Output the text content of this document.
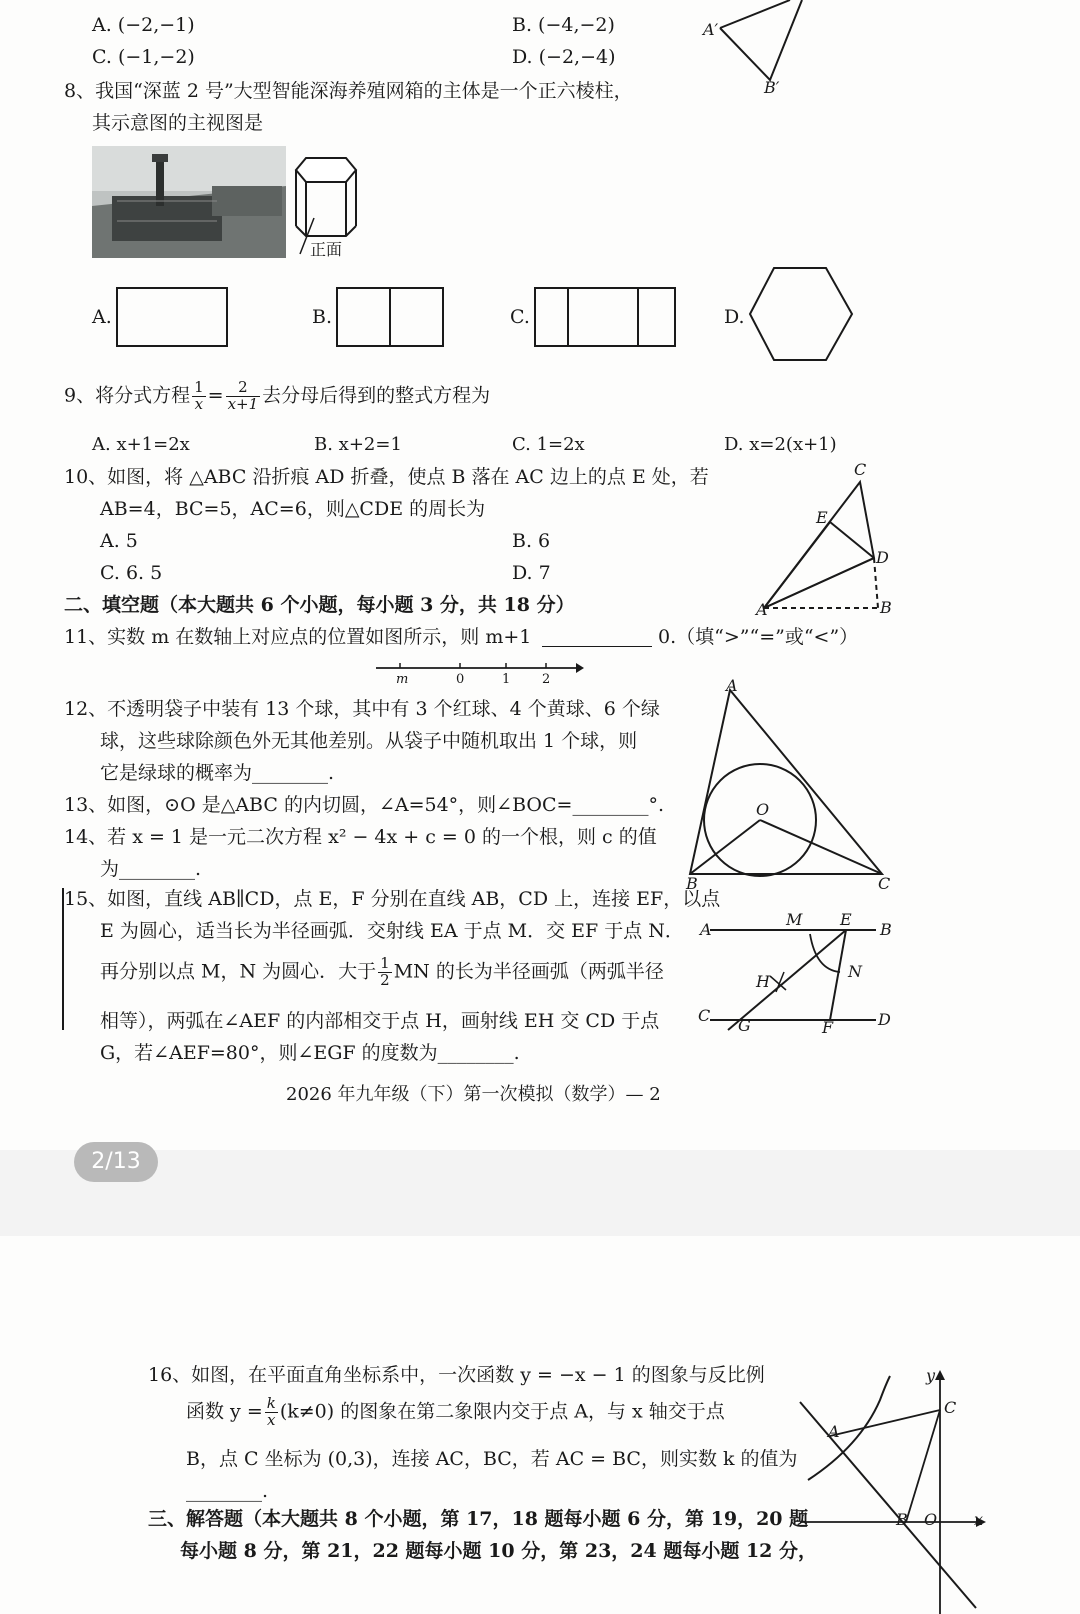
A. (−2,−1)	B. (−4,−2)
C. (−1,−2)	D. (−2,−4)
A′
B′
8、我国“深蓝 2 号”大型智能深海养殖网箱的主体是一个正六棱柱，
其示意图的主视图是
正面
A.	B.	C.	D.
9、将分式方程 $\frac{1}{x} = \frac{2}{x+1}$ 去分母后得到的整式方程为
A. x+1=2x	B. x+2=1	C. 1=2x	D. x=2(x+1)
10、如图，将 △ABC 沿折痕 AD 折叠，使点 B 落在 AC 边上的点 E 处，若
AB=4，BC=5，AC=6，则△CDE 的周长为
A. 5	B. 6
C. 6. 5	D. 7
C
E
D
A	B
二、填空题（本大题共 6 个小题，每小题 3 分，共 18 分）
11、实数 m 在数轴上对应点的位置如图所示，则 m+1	0.（填“>”“=”或“<”）
m	0	1 2
12、不透明袋子中装有 13 个球，其中有 3 个红球、4 个黄球、6 个绿
球，这些球除颜色外无其他差别。从袋子中随机取出 1 个球，则
它是绿球的概率为________.
13、如图，⊙O 是△ABC 的内切圆，∠A=54°，则∠BOC=________°.
14、若 x = 1 是一元二次方程 x² − 4x + c = 0 的一个根，则 c 的值
为________.
A
O
B	C
15、如图，直线 AB∥CD，点 E，F 分别在直线 AB，CD 上，连接 EF，以点
E 为圆心，适当长为半径画弧．交射线 EA 于点 M．交 EF 于点 N．
再分别以点 M，N 为圆心．大于 $\frac{1}{2}$ MN 的长为半径画弧（两弧半径
相等），两弧在∠AEF 的内部相交于点 H，画射线 EH 交 CD 于点
G，若∠AEF=80°，则∠EGF 的度数为________.
A
M E
B
H
N
C
G	F	D
2026 年九年级（下）第一次模拟（数学）— 2
2/13
16、如图，在平面直角坐标系中，一次函数 y = −x − 1 的图象与反比例
函数 $y = \frac{k}{x} (k\ne 0)$ 的图象在第二象限内交于点 A，与 x 轴交于点
B，点 C 坐标为 (0,3)，连接 AC，BC，若 AC = BC，则实数 k 的值为
________.
三、解答题（本大题共 8 个小题，第 17，18 题每小题 6 分，第 19，20 题
每小题 8 分，第 21，22 题每小题 10 分，第 23，24 题每小题 12 分，
y
C
A
B O x
